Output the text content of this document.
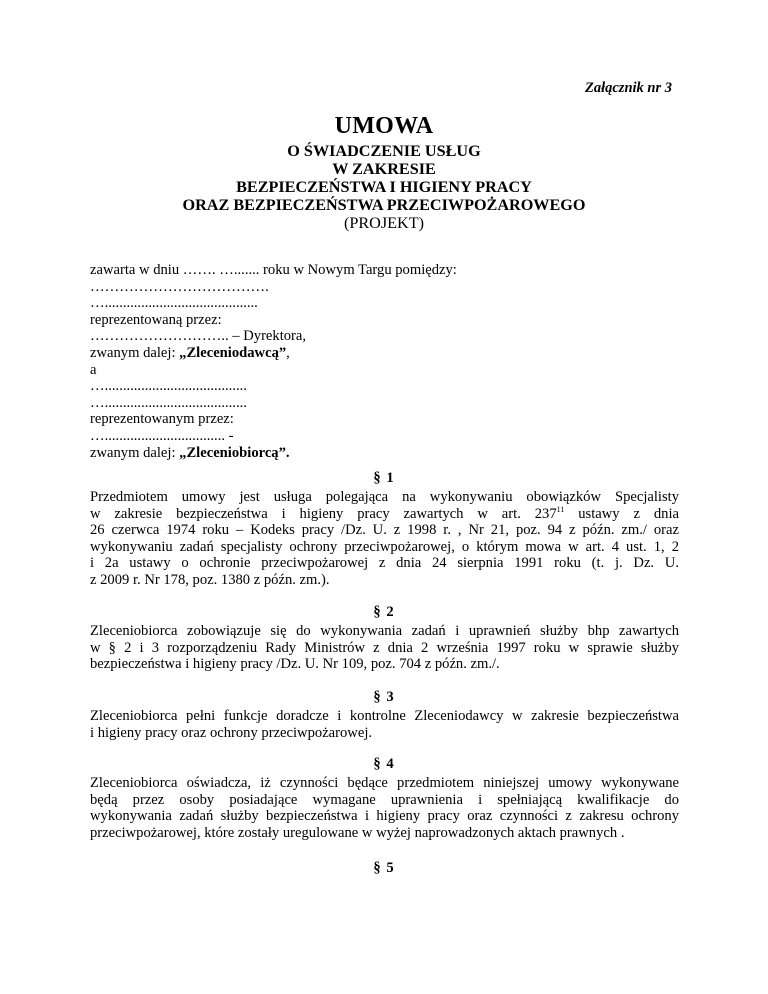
Załącznik nr 3
UMOWA
O ŚWIADCZENIE USŁUG
W ZAKRESIE
BEZPIECZEŃSTWA I HIGIENY PRACY
ORAZ BEZPIECZEŃSTWA PRZECIWPOŻAROWEGO
(PROJEKT)
zawarta w dniu ……. …....... roku w Nowym Targu pomiędzy:
……………………………….
…..........................................
reprezentowaną przez:
……………………….. – Dyrektora,
zwanym dalej: „Zleceniodawcą”,
a
….......................................
….......................................
reprezentowanym przez:
…................................. -
zwanym dalej: „Zleceniobiorcą”.
§ 1
Przedmiotem umowy jest usługa polegająca na wykonywaniu obowiązków Specjalisty
w zakresie bezpieczeństwa i higieny pracy zawartych w art. $237^{11}$ ustawy z dnia
26 czerwca 1974 roku – Kodeks pracy /Dz. U. z 1998 r. , Nr 21, poz. 94 z późn. zm./ oraz
wykonywaniu zadań specjalisty ochrony przeciwpożarowej, o którym mowa w art. 4 ust. 1, 2
i 2a ustawy o ochronie przeciwpożarowej z dnia 24 sierpnia 1991 roku (t. j. Dz. U.
z 2009 r. Nr 178, poz. 1380 z późn. zm.).
§ 2
Zleceniobiorca zobowiązuje się do wykonywania zadań i uprawnień służby bhp zawartych
w § 2 i 3 rozporządzeniu Rady Ministrów z dnia 2 września 1997 roku w sprawie służby
bezpieczeństwa i higieny pracy /Dz. U. Nr 109, poz. 704 z późn. zm./.
§ 3
Zleceniobiorca pełni funkcje doradcze i kontrolne Zleceniodawcy w zakresie bezpieczeństwa
i higieny pracy oraz ochrony przeciwpożarowej.
§ 4
Zleceniobiorca oświadcza, iż czynności będące przedmiotem niniejszej umowy wykonywane
będą przez osoby posiadające wymagane uprawnienia i spełniającą kwalifikacje do
wykonywania zadań służby bezpieczeństwa i higieny pracy oraz czynności z zakresu ochrony
przeciwpożarowej, które zostały uregulowane w wyżej naprowadzonych aktach prawnych .
§ 5
